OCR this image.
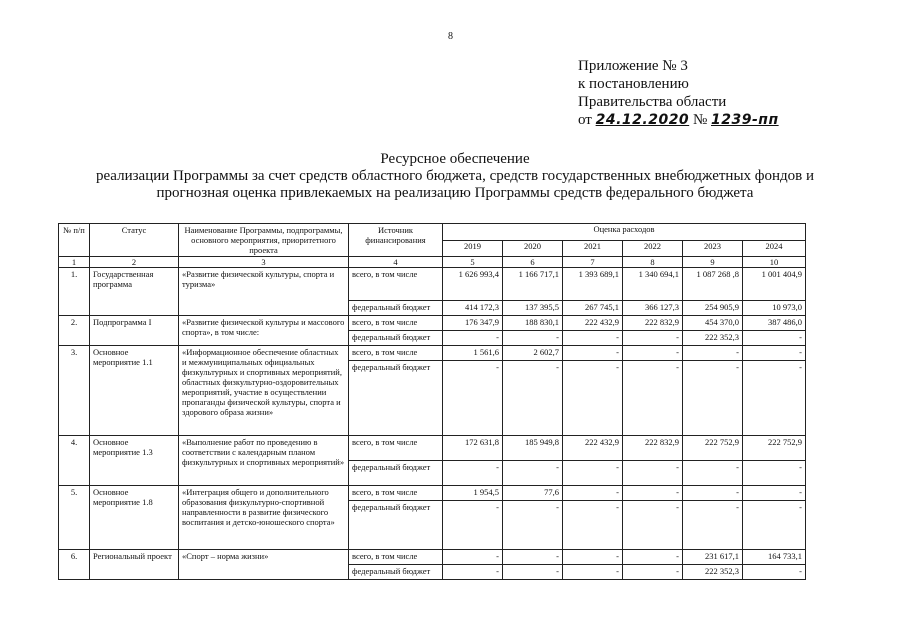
8
Приложение № 3
к постановлению
Правительства области
от 24.12.2020 № 1239-пп
Ресурсное обеспечение
реализации Программы за счет средств областного бюджета, средств государственных внебюджетных фондов и
прогнозная оценка привлекаемых на реализацию Программы средств федерального бюджета
№ п/п	Статус	Наименование Программы, подпрограммы, основного мероприятия, приоритетного проекта	Источник финансирования	Оценка расходов					
				2019	2020	2021	2022	2023	2024
1	2	3	4	5	6	7	8	9	10
1.	Государственная программа	«Развитие физической культуры, спорта и туризма»	всего, в том числе	1 626 993,4	1 166 717,1	1 393 689,1	1 340 694,1	1 087 268 ,8	1 001 404,9
			федеральный бюджет	414 172,3	137 395,5	267 745,1	366 127,3	254 905,9	10 973,0
2.	Подпрограмма I	«Развитие физической культуры и массового спорта», в том числе:	всего, в том числе	176 347,9	188 830,1	222 432,9	222 832,9	454 370,0	387 486,0
			федеральный бюджет	-	-	-	-	222 352,3	-
3.	Основное мероприятие 1.1	«Информационное обеспечение областных и межмуниципальных официальных физкультурных и спортивных мероприятий, областных физкультурно-оздоровительных мероприятий, участие в осуществлении пропаганды физической культуры, спорта и здорового образа жизни»	всего, в том числе	1 561,6	2 602,7	-	-	-	-
			федеральный бюджет	-	-	-	-	-	-
4.	Основное мероприятие 1.3	«Выполнение работ по проведению в соответствии с календарным планом физкультурных и спортивных мероприятий»	всего, в том числе	172 631,8	185 949,8	222 432,9	222 832,9	222 752,9	222 752,9
			федеральный бюджет	-	-	-	-	-	-
5.	Основное мероприятие 1.8	«Интеграция общего и дополнительного образования физкультурно-спортивной направленности в развитие физического воспитания и детско-юношеского спорта»	всего, в том числе	1 954,5	77,6	-	-	-	-
			федеральный бюджет	-	-	-	-	-	-
6.	Региональный проект	«Спорт – норма жизни»	всего, в том числе	-	-	-	-	231 617,1	164 733,1
			федеральный бюджет	-	-	-	-	222 352,3	-
